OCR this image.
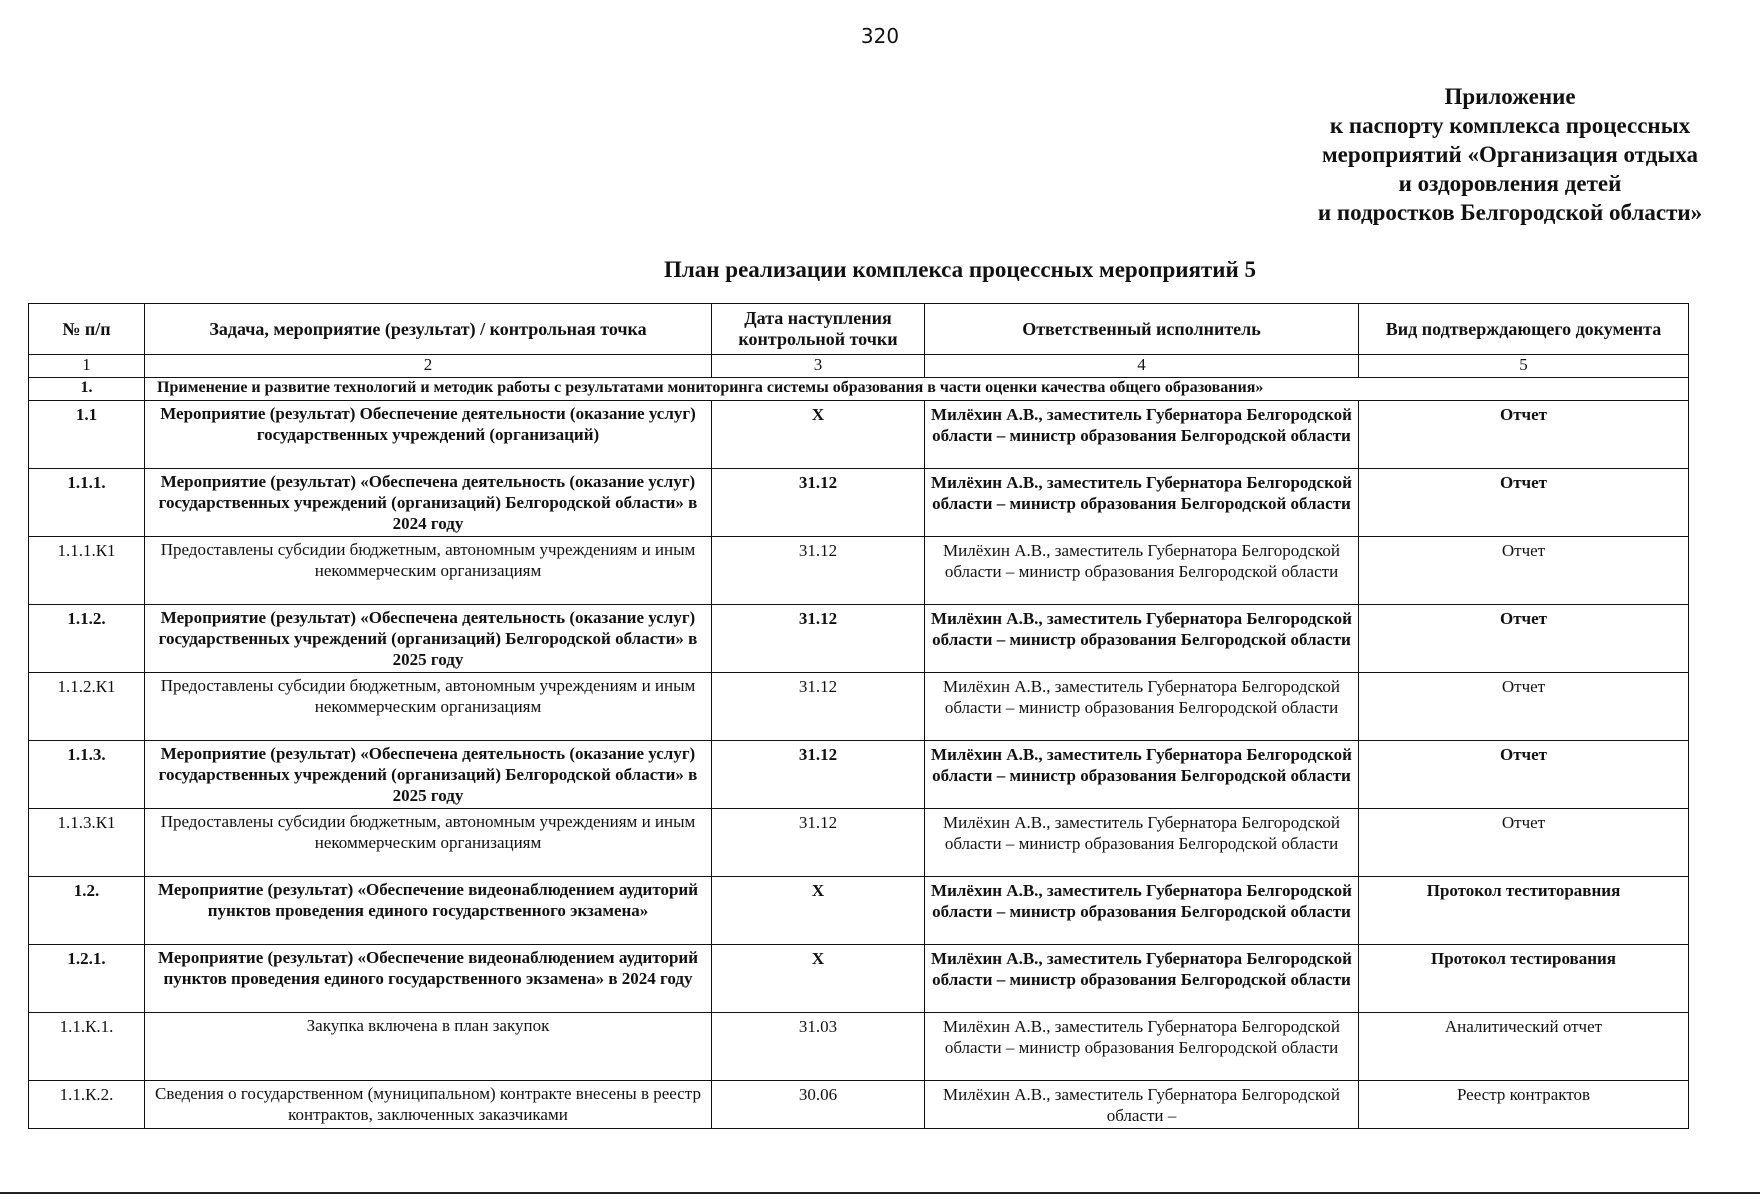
320
Приложение
к паспорту комплекса процессных
мероприятий «Организация отдыха
и оздоровления детей
и подростков Белгородской области»
План реализации комплекса процессных мероприятий 5
№ п/п	Задача, мероприятие (результат) / контрольная точка	Дата наступления контрольной точки	Ответственный исполнитель	Вид подтверждающего документа
1	2	3	4	5
1.	Применение и развитие технологий и методик работы с результатами мониторинга системы образования в части оценки качества общего образования»			
1.1	Мероприятие (результат) Обеспечение деятельности (оказание услуг) государственных учреждений (организаций)	X	Милёхин А.В., заместитель Губернатора Белгородской области – министр образования Белгородской области	Отчет
1.1.1.	Мероприятие (результат) «Обеспечена деятельность (оказание услуг) государственных учреждений (организаций) Белгородской области» в 2024 году	31.12	Милёхин А.В., заместитель Губернатора Белгородской области – министр образования Белгородской области	Отчет
1.1.1.К1	Предоставлены субсидии бюджетным, автономным учреждениям и иным некоммерческим организациям	31.12	Милёхин А.В., заместитель Губернатора Белгородской области – министр образования Белгородской области	Отчет
1.1.2.	Мероприятие (результат) «Обеспечена деятельность (оказание услуг) государственных учреждений (организаций) Белгородской области» в 2025 году	31.12	Милёхин А.В., заместитель Губернатора Белгородской области – министр образования Белгородской области	Отчет
1.1.2.К1	Предоставлены субсидии бюджетным, автономным учреждениям и иным некоммерческим организациям	31.12	Милёхин А.В., заместитель Губернатора Белгородской области – министр образования Белгородской области	Отчет
1.1.3.	Мероприятие (результат) «Обеспечена деятельность (оказание услуг) государственных учреждений (организаций) Белгородской области» в 2025 году	31.12	Милёхин А.В., заместитель Губернатора Белгородской области – министр образования Белгородской области	Отчет
1.1.3.К1	Предоставлены субсидии бюджетным, автономным учреждениям и иным некоммерческим организациям	31.12	Милёхин А.В., заместитель Губернатора Белгородской области – министр образования Белгородской области	Отчет
1.2.	Мероприятие (результат) «Обеспечение видеонаблюдением аудиторий пунктов проведения единого государственного экзамена»	X	Милёхин А.В., заместитель Губернатора Белгородской области – министр образования Белгородской области	Протокол теститоравния
1.2.1.	Мероприятие (результат) «Обеспечение видеонаблюдением аудиторий пунктов проведения единого государственного экзамена» в 2024 году	X	Милёхин А.В., заместитель Губернатора Белгородской области – министр образования Белгородской области	Протокол тестирования
1.1.К.1.	Закупка включена в план закупок	31.03	Милёхин А.В., заместитель Губернатора Белгородской области – министр образования Белгородской области	Аналитический отчет
1.1.К.2.	Сведения о государственном (муниципальном) контракте внесены в реестр контрактов, заключенных заказчиками	30.06	Милёхин А.В., заместитель Губернатора Белгородской области –	Реестр контрактов
